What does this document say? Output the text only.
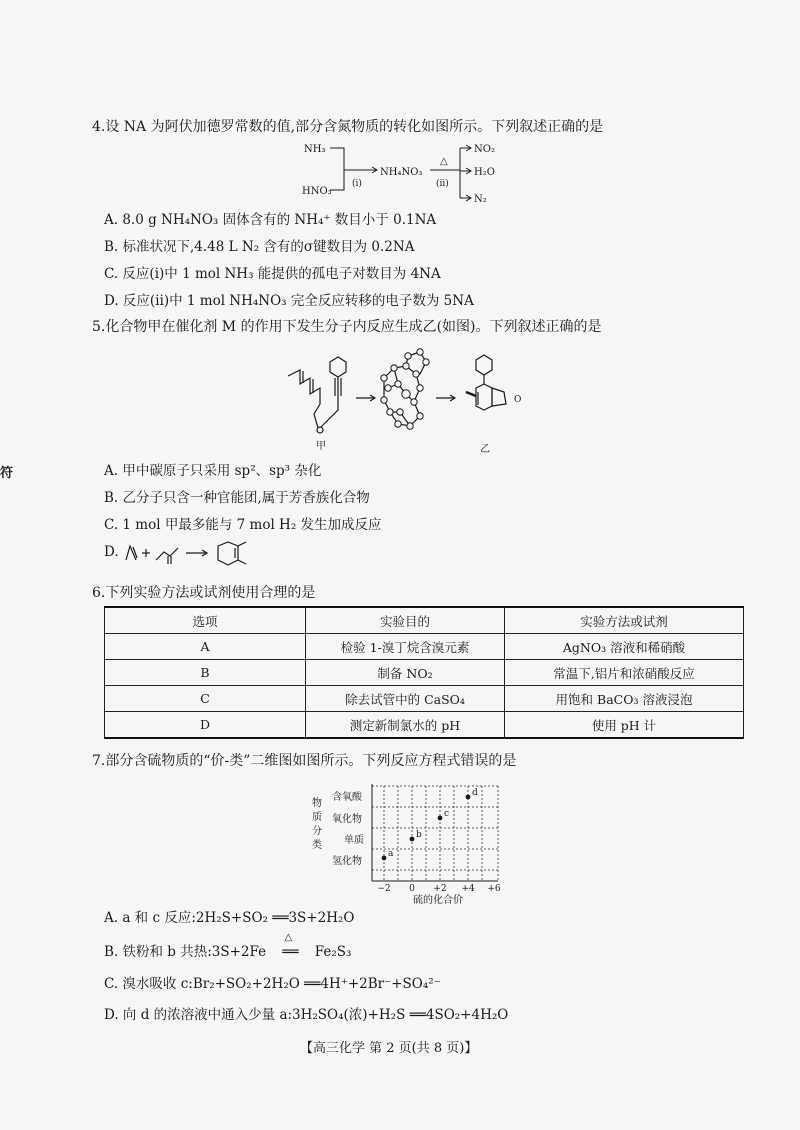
4.设 NA 为阿伏加德罗常数的值,部分含氮物质的转化如图所示。下列叙述正确的是
NH₃
HNO₃
NH₄NO₃
(ⅰ)
△
(ⅱ)
NO₂
H₂O
N₂
A. 8.0 g NH₄NO₃ 固体含有的 NH₄⁺ 数目小于 0.1NA
B. 标准状况下,4.48 L N₂ 含有的σ键数目为 0.2NA
C. 反应(ⅰ)中 1 mol NH₃ 能提供的孤电子对数目为 4NA
D. 反应(ⅱ)中 1 mol NH₄NO₃ 完全反应转移的电子数为 5NA
5.化合物甲在催化剂 M 的作用下发生分子内反应生成乙(如图)。下列叙述正确的是
O
甲	乙
符	A. 甲中碳原子只采用 sp²、sp³ 杂化
B. 乙分子只含一种官能团,属于芳香族化合物
C. 1 mol 甲最多能与 7 mol H₂ 发生加成反应
D.
6.下列实验方法或试剂使用合理的是
选项	实验目的	实验方法或试剂
A	检验 1-溴丁烷含溴元素	AgNO₃ 溶液和稀硝酸
B	制备 NO₂	常温下,铝片和浓硝酸反应
C	除去试管中的 CaSO₄	用饱和 BaCO₃ 溶液浸泡
D	测定新制氯水的 pH	使用 pH 计
7.部分含硫物质的“价-类”二维图如图所示。下列反应方程式错误的是
物
质
分
类
含氧酸
氧化物
单质
氢化物
a
b
c
d
−2 0 +2 +4 +6
硫的化合价
A. a 和 c 反应:2H₂S+SO₂ ══3S+2H₂O
B. 铁粉和 b 共热:3S+2Fe
△
══ Fe₂S₃
C. 溴水吸收 c:Br₂+SO₂+2H₂O ══4H⁺+2Br⁻+SO₄²⁻
D. 向 d 的浓溶液中通入少量 a:3H₂SO₄(浓)+H₂S ══4SO₂+4H₂O
【高三化学 第 2 页(共 8 页)】
